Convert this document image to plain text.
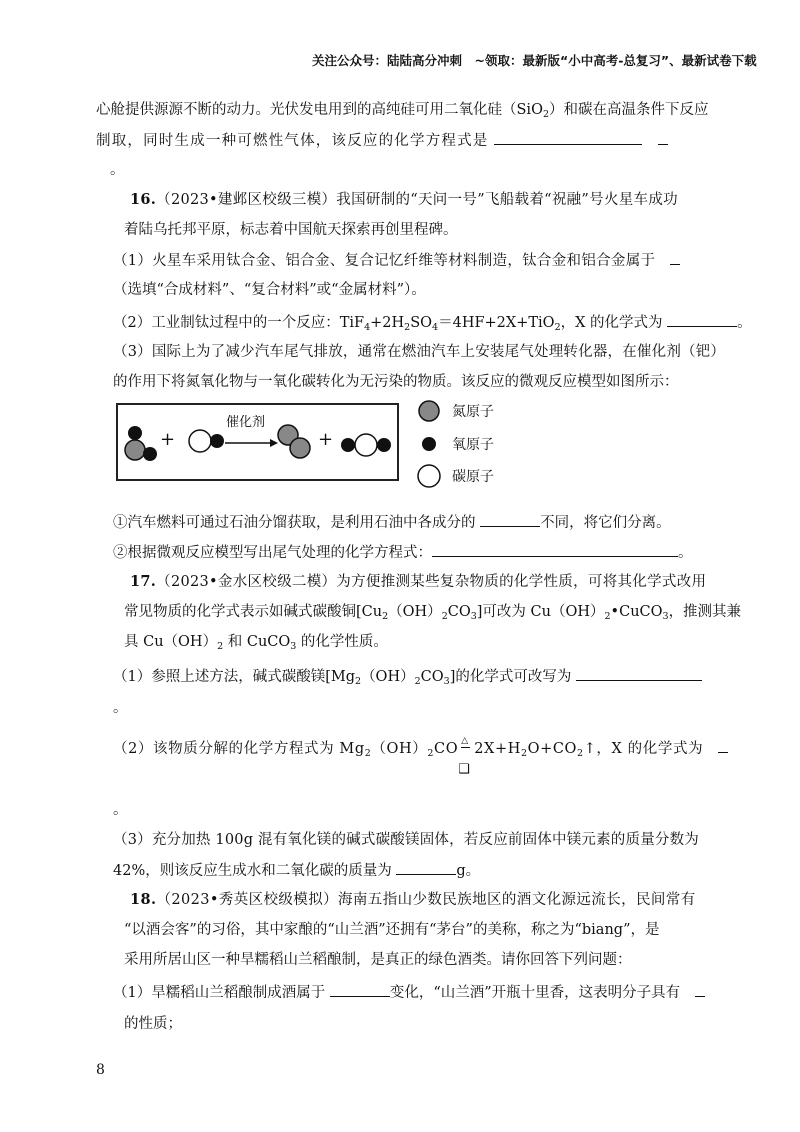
关注公众号：陆陆高分冲刺　~领取：最新版“小中高考-总复习”、最新试卷下载
心舱提供源源不断的动力。光伏发电用到的高纯硅可用二氧化硅（SiO$_2$）和碳在高温条件下反应
制取，同时生成一种可燃性气体，该反应的化学方程式是 　
。
16.（2023•建邺区校级三模）我国研制的“天问一号”飞船载着“祝融”号火星车成功
着陆乌托邦平原，标志着中国航天探索再创里程碑。
（1）火星车采用钛合金、铝合金、复合记忆纤维等材料制造，钛合金和铝合金属于　
（选填“合成材料”、“复合材料”或“金属材料”）。
（2）工业制钛过程中的一个反应：$TiF_4+2H_2SO_4=4HF+2X+TiO_2$，X 的化学式为	。
（3）国际上为了减少汽车尾气排放，通常在燃油汽车上安装尾气处理转化器，在催化剂（钯）
的作用下将氮氧化物与一氧化碳转化为无污染的物质。该反应的微观反应模型如图所示：
+	+
催化剂
氮原子
氧原子
碳原子
①汽车燃料可通过石油分馏获取，是利用石油中各成分的	不同，将它们分离。
②根据微观反应模型写出尾气处理的化学方程式：	。
17.（2023•金水区校级二模）为方便推测某些复杂物质的化学性质，可将其化学式改用
常见物质的化学式表示如碱式碳酸铜$[Cu_2(OH)_2CO_3]$可改为 $Cu(OH)_2•CuCO_3$，推测其兼
具 $Cu(OH)_2$ 和 CuCO$_3$ 的化学性质。
（1）参照上述方法，碱式碳酸镁$[Mg_2(OH)_2CO_3]$的化学式可改写为
。
（2）该物质分解的化学方程式为 $Mg_2(OH)_2CO$ △
❑
$2X+H_2O+CO_2↑$，X 的化学式为　
。
（3）充分加热 100g 混有氧化镁的碱式碳酸镁固体，若反应前固体中镁元素的质量分数为
42%，则该反应生成水和二氧化碳的质量为	g。
18.（2023•秀英区校级模拟）海南五指山少数民族地区的酒文化源远流长，民间常有
“以酒会客”的习俗，其中家酿的“山兰酒”还拥有“茅台”的美称，称之为“biang”，是
采用所居山区一种旱糯稻山兰稻酿制，是真正的绿色酒类。请你回答下列问题：
（1）旱糯稻山兰稻酿制成酒属于	变化，“山兰酒”开瓶十里香，这表明分子具有　
的性质；
8
